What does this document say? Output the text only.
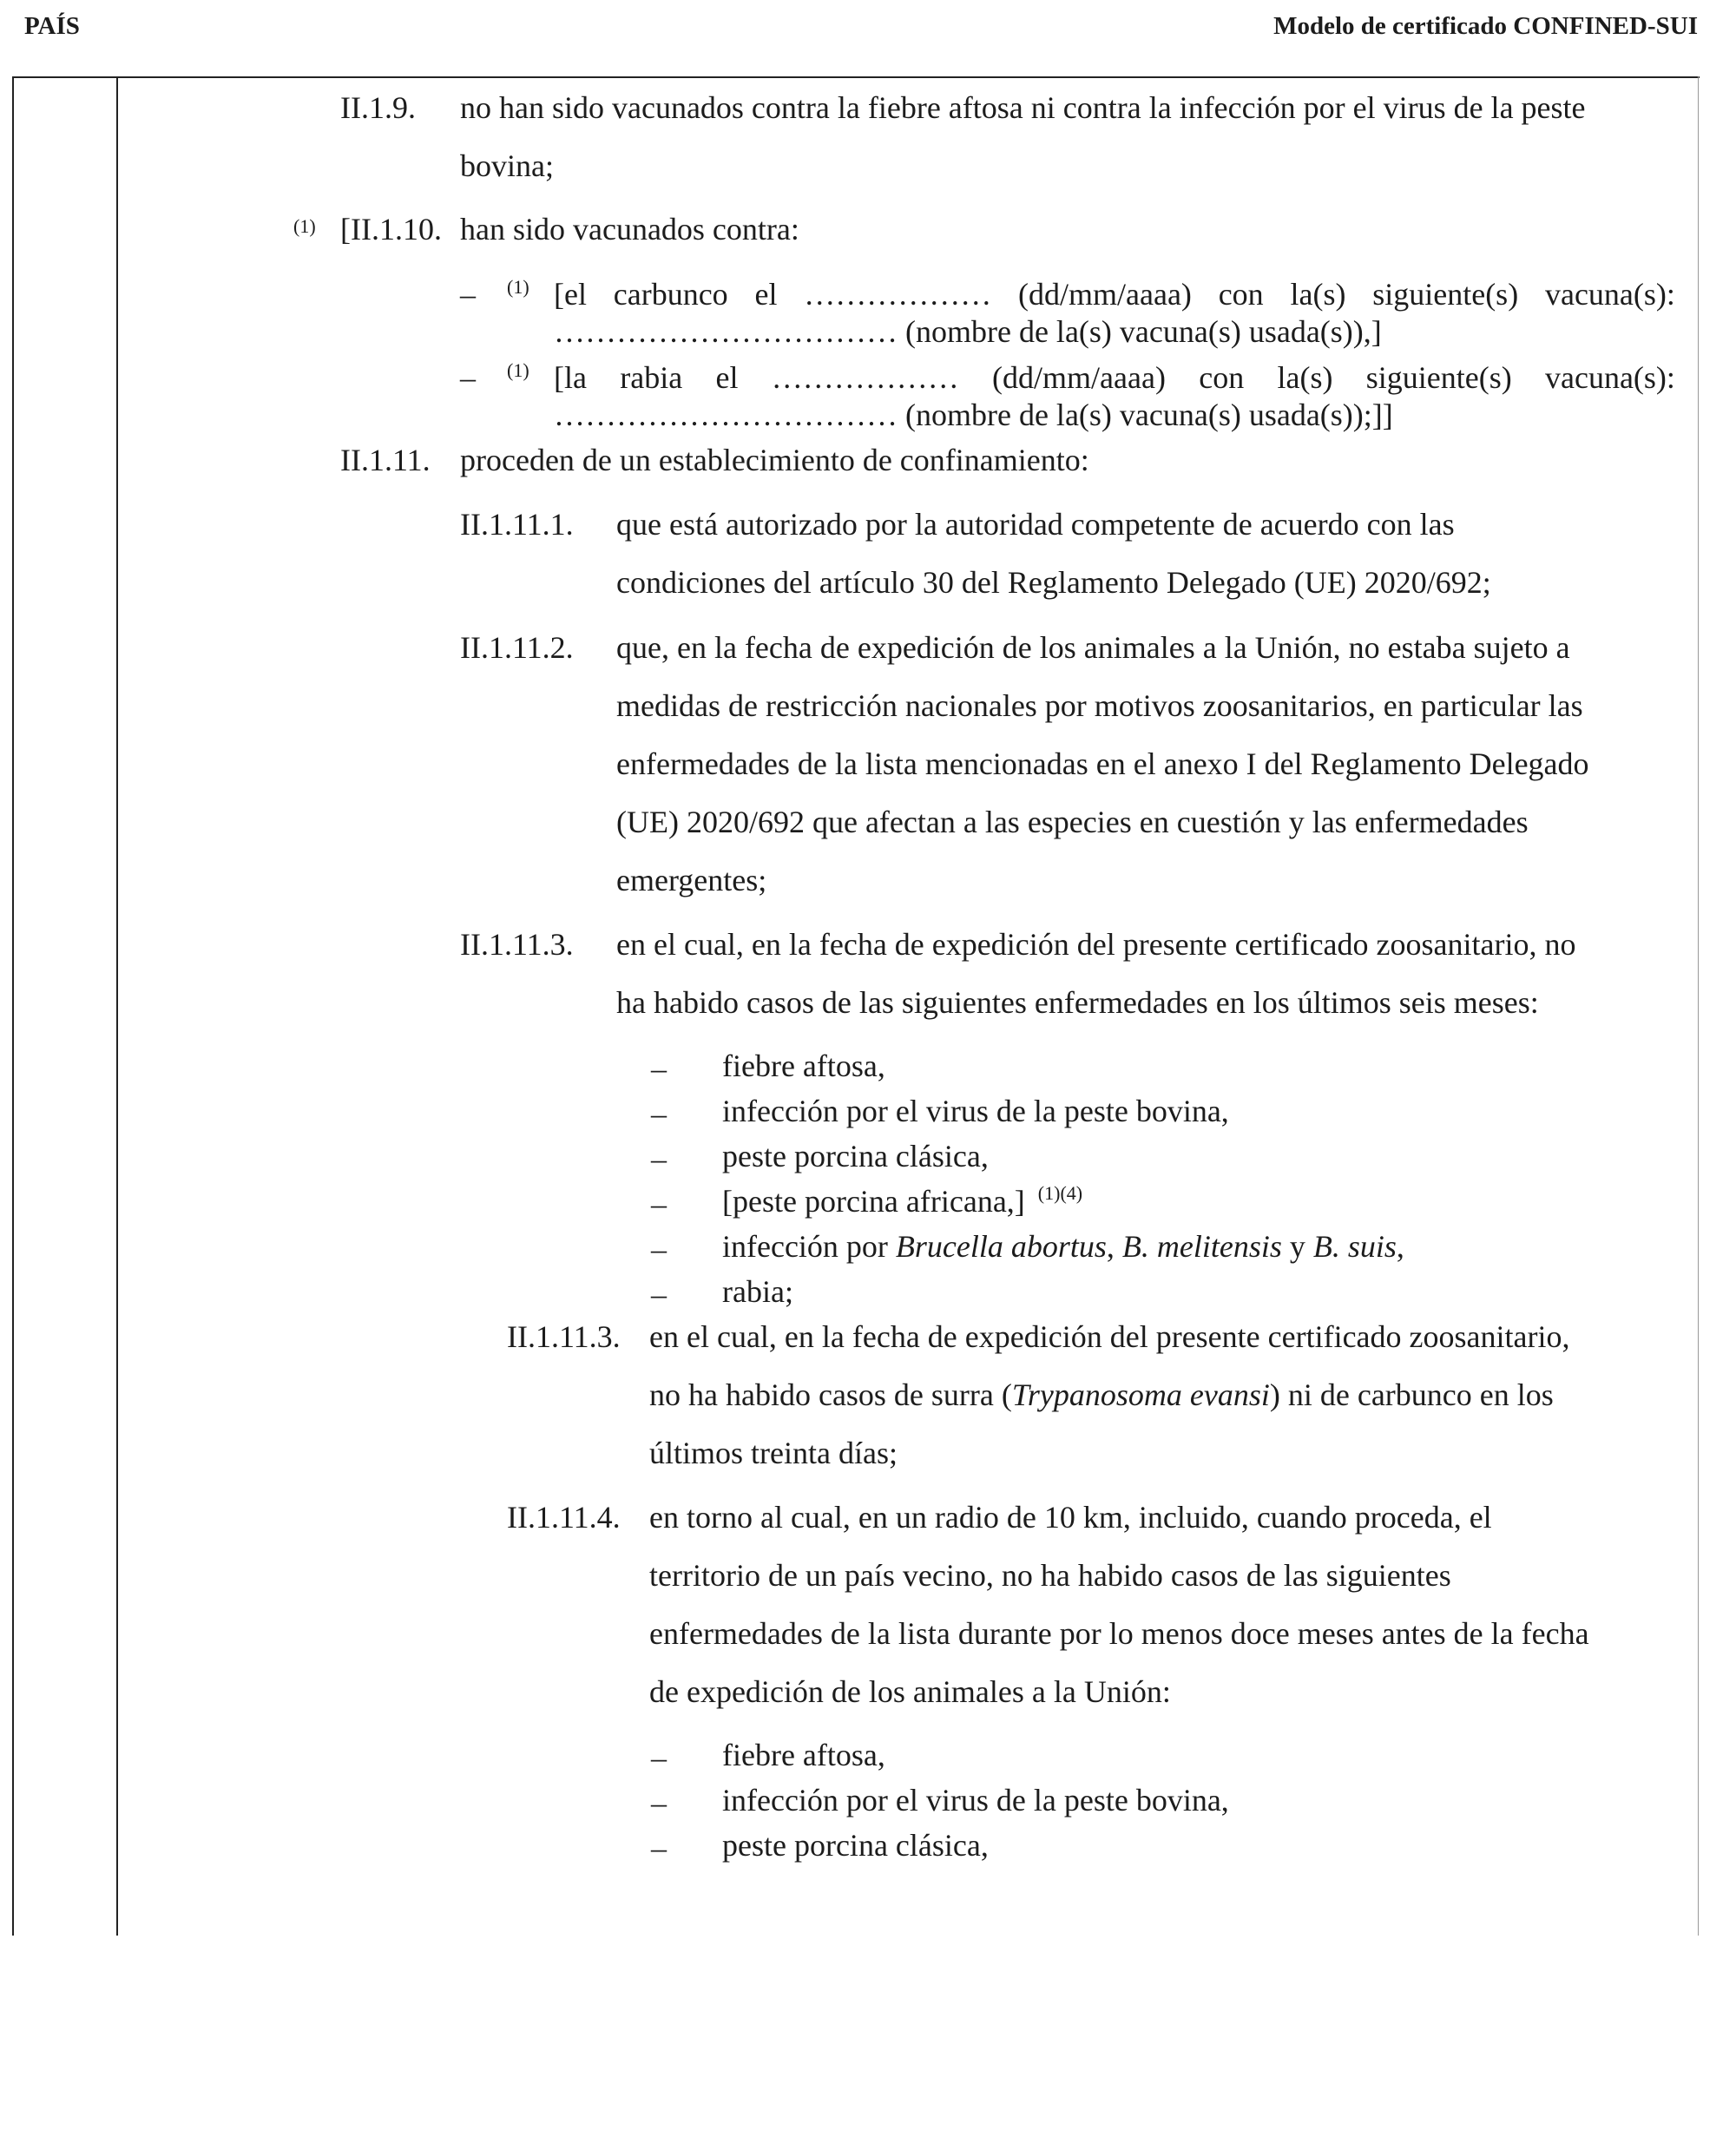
PAÍS	Modelo de certificado CONFINED-SUI
II.1.9. no han sido vacunados contra la fiebre aftosa ni contra la infección por el virus de la peste
bovina;
(1) [II.1.10. han sido vacunados contra:
– (1) [el carbunco el ……………… (dd/mm/aaaa) con la(s) siguiente(s) vacuna(s):
…………………………… (nombre de la(s) vacuna(s) usada(s)),]
– (1) [la rabia el ……………… (dd/mm/aaaa) con la(s) siguiente(s) vacuna(s):
…………………………… (nombre de la(s) vacuna(s) usada(s));]]
II.1.11. proceden de un establecimiento de confinamiento:
II.1.11.1. que está autorizado por la autoridad competente de acuerdo con las
condiciones del artículo 30 del Reglamento Delegado (UE) 2020/692;
II.1.11.2. que, en la fecha de expedición de los animales a la Unión, no estaba sujeto a
medidas de restricción nacionales por motivos zoosanitarios, en particular las
enfermedades de la lista mencionadas en el anexo I del Reglamento Delegado
(UE) 2020/692 que afectan a las especies en cuestión y las enfermedades
emergentes;
II.1.11.3. en el cual, en la fecha de expedición del presente certificado zoosanitario, no
ha habido casos de las siguientes enfermedades en los últimos seis meses:
– fiebre aftosa,
– infección por el virus de la peste bovina,
– peste porcina clásica,
– [peste porcina africana,] $^{(1)(4)}$
– infección por Brucella abortus, B. melitensis y B. suis,
– rabia;
II.1.11.3. en el cual, en la fecha de expedición del presente certificado zoosanitario,
no ha habido casos de surra (Trypanosoma evansi) ni de carbunco en los
últimos treinta días;
II.1.11.4. en torno al cual, en un radio de 10 km, incluido, cuando proceda, el
territorio de un país vecino, no ha habido casos de las siguientes
enfermedades de la lista durante por lo menos doce meses antes de la fecha
de expedición de los animales a la Unión:
– fiebre aftosa,
– infección por el virus de la peste bovina,
– peste porcina clásica,
